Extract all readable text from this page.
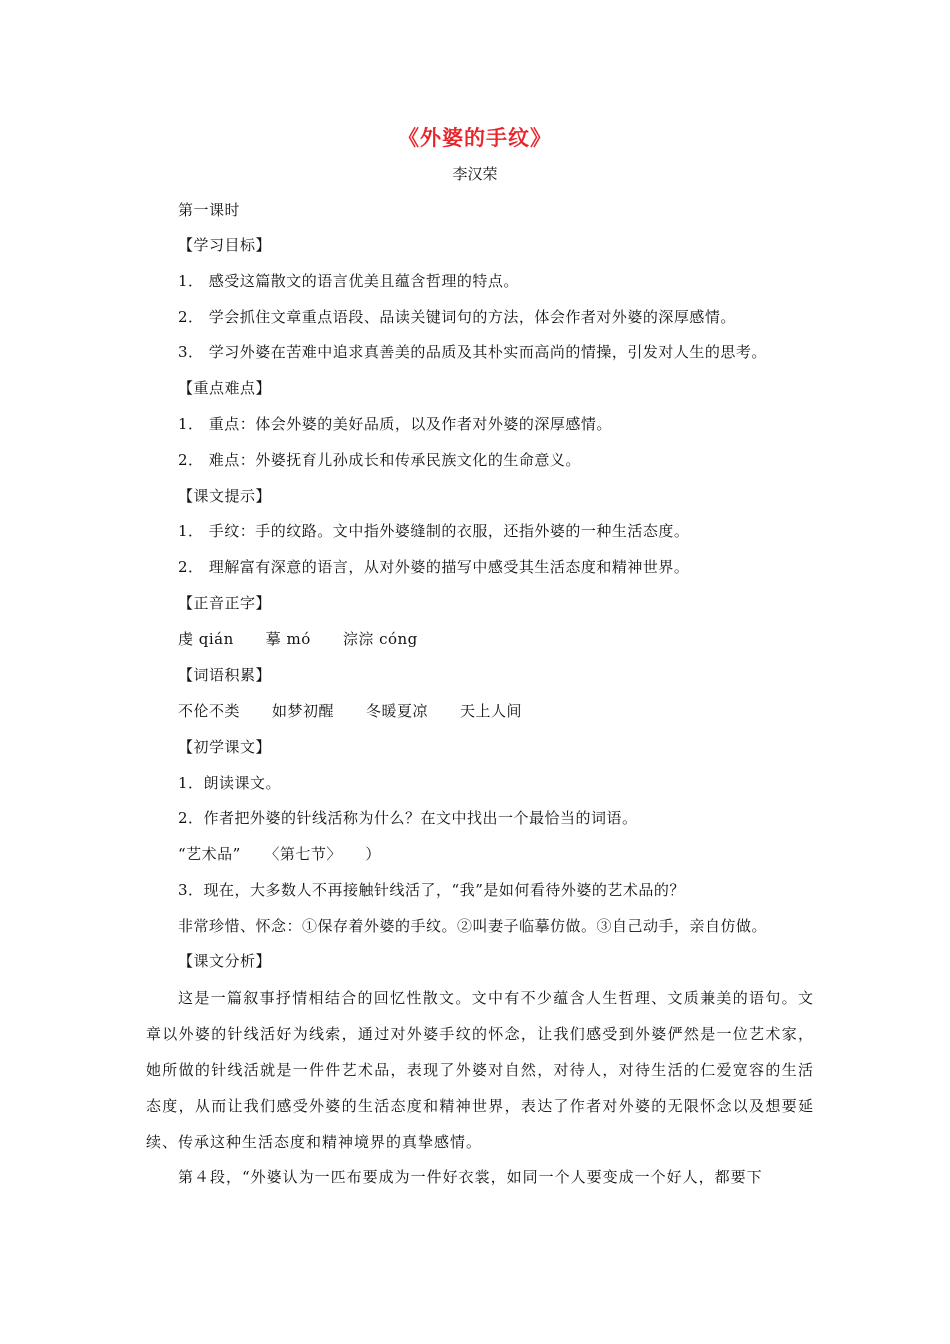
《外婆的手纹》
李汉荣
第一课时
【学习目标】
1． 感受这篇散文的语言优美且蕴含哲理的特点。
2． 学会抓住文章重点语段、品读关键词句的方法，体会作者对外婆的深厚感情。
3． 学习外婆在苦难中追求真善美的品质及其朴实而高尚的情操，引发对人生的思考。
【重点难点】
1． 重点：体会外婆的美好品质，以及作者对外婆的深厚感情。
2． 难点：外婆抚育儿孙成长和传承民族文化的生命意义。
【课文提示】
1． 手纹：手的纹路。文中指外婆缝制的衣服，还指外婆的一种生活态度。
2． 理解富有深意的语言，从对外婆的描写中感受其生活态度和精神世界。
【正音正字】
虔 qián 摹 mó 淙淙 cóng
【词语积累】
不伦不类 如梦初醒 冬暖夏凉 天上人间
【初学课文】
1．朗读课文。
2．作者把外婆的针线活称为什么？在文中找出一个最恰当的词语。
“艺术品”　　〈第七节〉　　）
3．现在，大多数人不再接触针线活了，“我”是如何看待外婆的艺术品的？
非常珍惜、怀念：①保存着外婆的手纹。②叫妻子临摹仿做。③自己动手，亲自仿做。
【课文分析】
这是一篇叙事抒情相结合的回忆性散文。文中有不少蕴含人生哲理、文质兼美的语句。文章以外婆的针线活好为线索，通过对外婆手纹的怀念，让我们感受到外婆俨然是一位艺术家，她所做的针线活就是一件件艺术品，表现了外婆对自然，对待人，对待生活的仁爱宽容的生活态度，从而让我们感受外婆的生活态度和精神世界，表达了作者对外婆的无限怀念以及想要延续、传承这种生活态度和精神境界的真挚感情。
第４段，“外婆认为一匹布要成为一件好衣裳，如同一个人要变成一个好人，都要下
